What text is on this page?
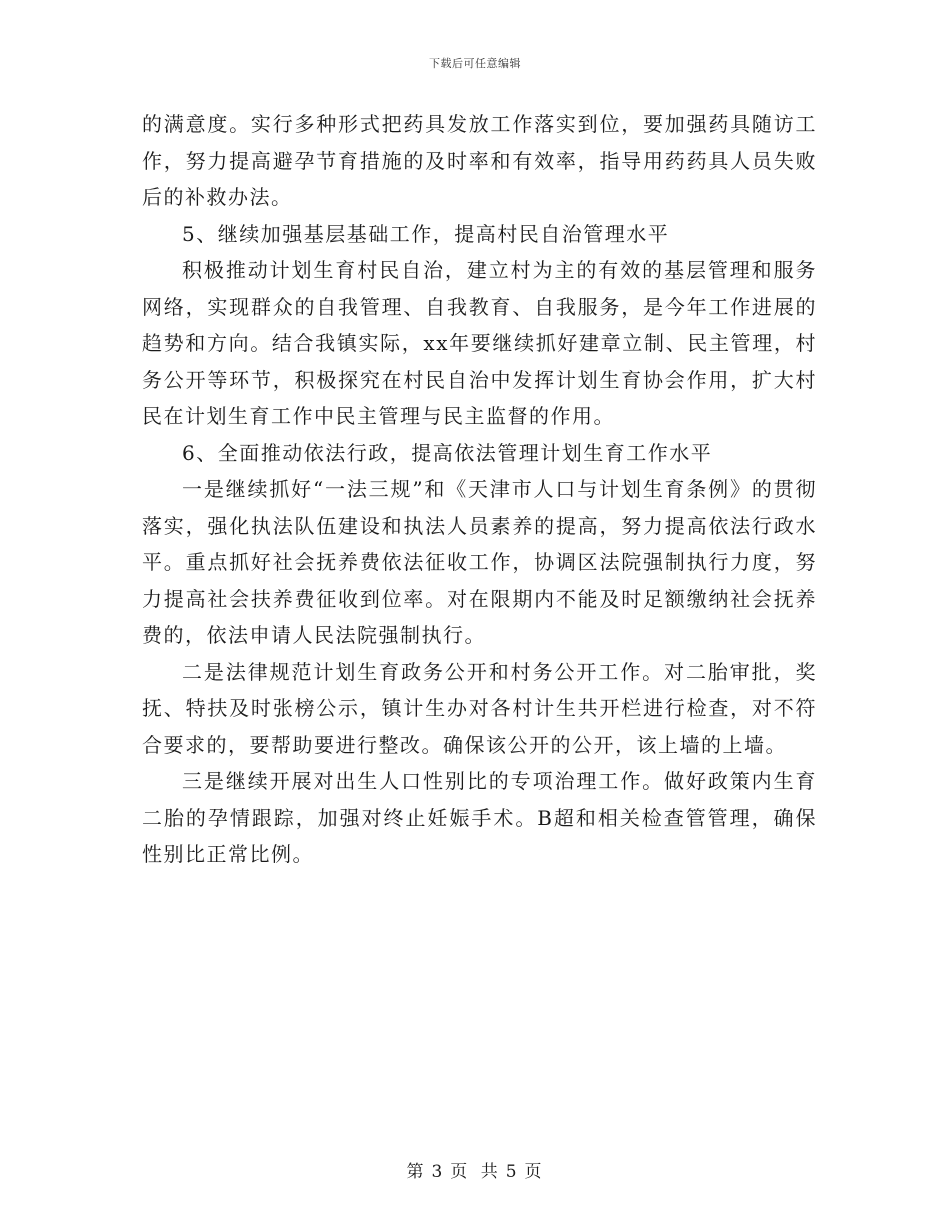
下载后可任意编辑

的满意度。实行多种形式把药具发放工作落实到位，要加强药具随访工作，努力提高避孕节育措施的及时率和有效率，指导用药药具人员失败后的补救办法。

5、继续加强基层基础工作，提高村民自治管理水平

积极推动计划生育村民自治，建立村为主的有效的基层管理和服务网络，实现群众的自我管理、自我教育、自我服务，是今年工作进展的趋势和方向。结合我镇实际，xx年要继续抓好建章立制、民主管理，村务公开等环节，积极探究在村民自治中发挥计划生育协会作用，扩大村民在计划生育工作中民主管理与民主监督的作用。

6、全面推动依法行政，提高依法管理计划生育工作水平

一是继续抓好“一法三规”和《天津市人口与计划生育条例》的贯彻落实，强化执法队伍建设和执法人员素养的提高，努力提高依法行政水平。重点抓好社会抚养费依法征收工作，协调区法院强制执行力度，努力提高社会扶养费征收到位率。对在限期内不能及时足额缴纳社会抚养费的，依法申请人民法院强制执行。

二是法律规范计划生育政务公开和村务公开工作。对二胎审批，奖抚、特扶及时张榜公示，镇计生办对各村计生共开栏进行检查，对不符合要求的，要帮助要进行整改。确保该公开的公开，该上墙的上墙。

三是继续开展对出生人口性别比的专项治理工作。做好政策内生育二胎的孕情跟踪，加强对终止妊娠手术。B超和相关检查管管理，确保性别比正常比例。

第 3 页 共 5 页
